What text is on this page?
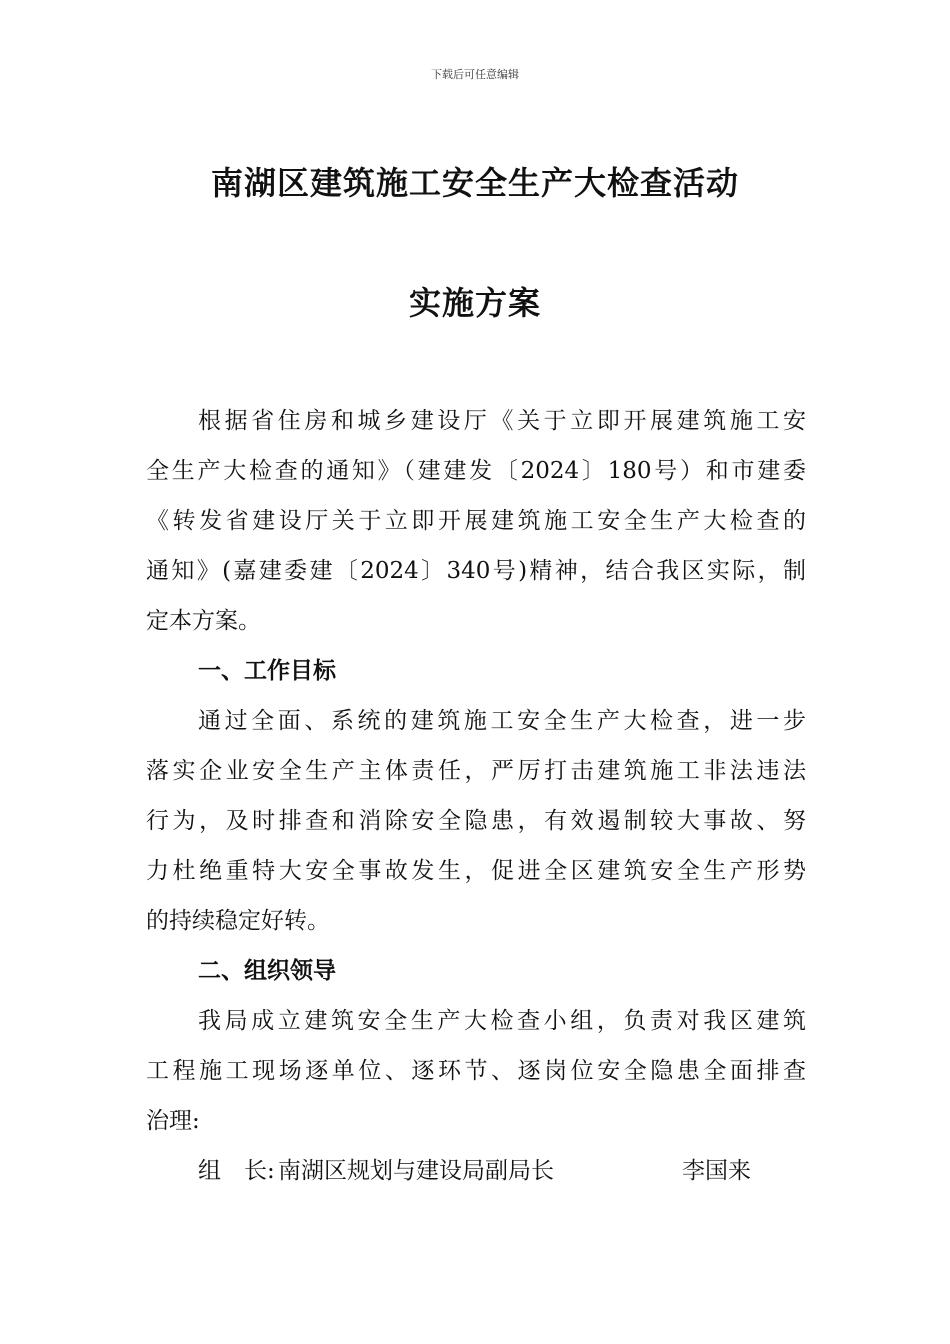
下载后可任意编辑
南湖区建筑施工安全生产大检查活动
实施方案
根据省住房和城乡建设厅《关于立即开展建筑施工安
全生产大检查的通知》（建建发〔2024〕180号）和市建委
《转发省建设厅关于立即开展建筑施工安全生产大检查的
通知》(嘉建委建〔2024〕340号)精神，结合我区实际，制
定本方案。
一、工作目标
通过全面、系统的建筑施工安全生产大检查，进一步
落实企业安全生产主体责任，严厉打击建筑施工非法违法
行为，及时排查和消除安全隐患，有效遏制较大事故、努
力杜绝重特大安全事故发生，促进全区建筑安全生产形势
的持续稳定好转。
二、组织领导
我局成立建筑安全生产大检查小组，负责对我区建筑
工程施工现场逐单位、逐环节、逐岗位安全隐患全面排查
治理:
组　长: 南湖区规划与建设局副局长	李国来
